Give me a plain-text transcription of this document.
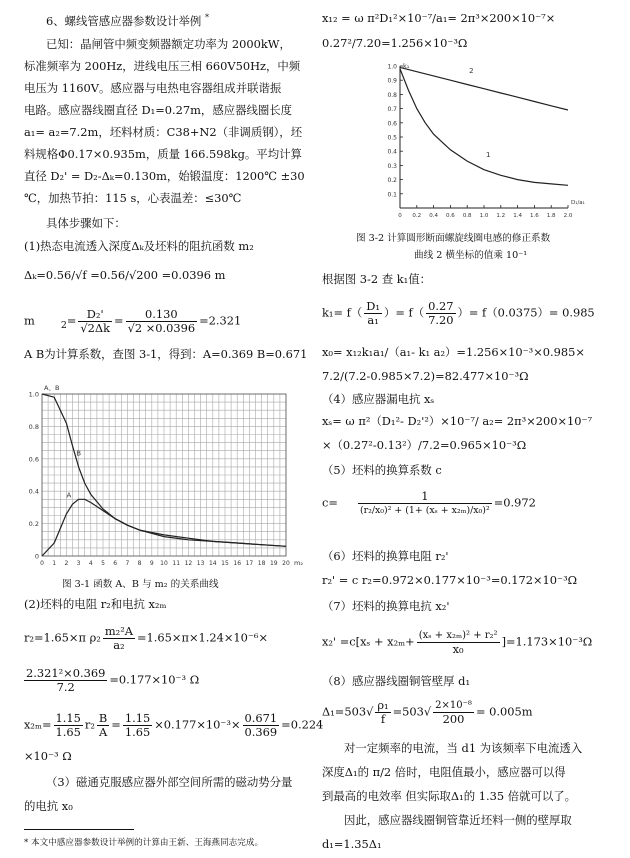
6、螺线管感应器参数设计举例 *
已知：晶闸管中频变频器额定功率为 2000kW，
标准频率为 200Hz，进线电压三相 660V50Hz，中频
电压为 1160V。感应器与电热电容器组成并联谐振
电路。感应器线圈直径 D₁=0.27m，感应器线圈长度
a₁= a₂=7.2m，坯料材质：C38+N2（非调质钢），坯
料规格Φ0.17×0.935m，质量 166.598kg。平均计算
直径 D₂' = D₂-Δₖ=0.130m，始锻温度：1200℃ ±30
℃，加热节拍：115 s，心表温差：≤30℃
具体步骤如下：
(1)热态电流透入深度Δₖ及坯料的阻抗函数 m₂
Δₖ=0.56/√f =0.56/√200 =0.0396 m
m	$_2= \frac{\text{D₂'}}{√2\Delta k} = \frac{0.130}{√2 \times 0.0396} =2.321$
A B为计算系数，查图 3-1，得到：A=0.369 B=0.671
0
0.2
0.4
0.6
0.8
1.0
0 1 2 3 4 5 6 7 8 9 10 11 12 13 14 15 16 17 18 19 20
A、B
m₂
B
A
图 3-1 函数 A、B 与 m₂ 的关系曲线
(2)坯料的电阻 r₂和电抗 x₂ₘ
r₂=1.65×π $\rho_2 \frac{\text{m₂²A}}{\text{a₂}} =1.65\times\pi\times 1.24\times 10^{-6}\times$
$\frac{\text{2.321²×0.369}}{7.2} =0.177\times 10^{-3}$ Ω
$x_{2m}= \frac{1.15}{1.65} r_2 \frac{B}{A} = \frac{1.15}{1.65} \times 0.177\times 10^{-3}\times \frac{0.671}{0.369} =0.224$
×10⁻³ Ω
（3）磁通克服感应器外部空间所需的磁动势分量
的电抗 x₀
* 本文中感应器参数设计举例的计算由王新、王海燕同志完成。
x₁₂ = ω π²D₁²×10⁻⁷/a₁= 2π³×200×10⁻⁷×
0.27²/7.20=1.256×10⁻³Ω
0.1
0.2
0.3
0.4
0.5
0.6
0.7
0.8
0.9
1.0
0 0.2 0.4 0.6 0.8 1.0 1.2 1.4 1.6 1.8 2.0
k₁
D₁/a₁
2
1
图 3-2 计算圆形断面螺旋线圈电感的修正系数
曲线 2 横坐标的值乘 10⁻¹
根据图 3-2 查 k₁值：
$k_1= f( \frac{\text{D₁}}{\text{a₁}}$ ）= $f( \frac{0.27}{7.20}$ ）= f（0.0375）= 0.985
x₀= x₁₂k₁a₁/（a₁- k₁ a₂）=1.256×10⁻³×0.985×
7.2/(7.2-0.985×7.2)=82.477×10⁻³Ω
（4）感应器漏电抗 xₛ
xₛ= ω π²（D₁²- D₂'²）×10⁻⁷/ a₂= 2π³×200×10⁻⁷
×（0.27²-0.13²）/7.2=0.965×10⁻³Ω
（5）坯料的换算系数 c
$c= \frac{1}{\text{(r₂/x₀)² + (1+ (xₛ + x₂ₘ)/x₀)²}} =0.972$
（6）坯料的换算电阻 r₂'
r₂' = c r₂=0.972×0.177×10⁻³=0.172×10⁻³Ω
（7）坯料的换算电抗 x₂'
$x_2' =c[x_s + x_{2m}+ \frac{\text{(xₛ + x₂ₘ)² + r₂²}}{\text{x₀}} ]=1.173\times 10^{-3}\Omega$
（8）感应器线圈铜管壁厚 d₁
$\Delta_1=503√ \frac{\text{ρ₁}}{f} =503√ \frac{\text{2×10⁻⁸}}{200} = 0.005m$
对一定频率的电流，当 d1 为该频率下电流透入
深度Δ₁的 π/2 倍时，电阻值最小，感应器可以得
到最高的电效率 但实际取Δ₁的 1.35 倍就可以了。
因此，感应器线圈铜管靠近坯料一侧的壁厚取
d₁=1.35Δ₁
